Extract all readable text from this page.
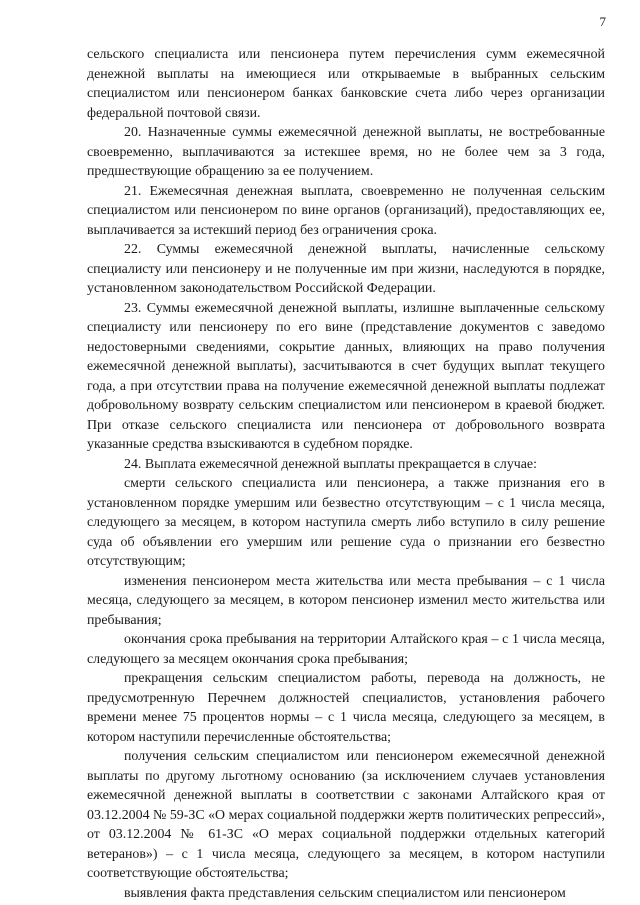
7

сельского специалиста или пенсионера путем перечисления сумм ежемесячной денежной выплаты на имеющиеся или открываемые в выбранных сельским специалистом или пенсионером банках банковские счета либо через организации федеральной почтовой связи.

20. Назначенные суммы ежемесячной денежной выплаты, не востребованные своевременно, выплачиваются за истекшее время, но не более чем за 3 года, предшествующие обращению за ее получением.

21. Ежемесячная денежная выплата, своевременно не полученная сельским специалистом или пенсионером по вине органов (организаций), предоставляющих ее, выплачивается за истекший период без ограничения срока.

22. Суммы ежемесячной денежной выплаты, начисленные сельскому специалисту или пенсионеру и не полученные им при жизни, наследуются в порядке, установленном законодательством Российской Федерации.

23. Суммы ежемесячной денежной выплаты, излишне выплаченные сельскому специалисту или пенсионеру по его вине (представление документов с заведомо недостоверными сведениями, сокрытие данных, влияющих на право получения ежемесячной денежной выплаты), засчитываются в счет будущих выплат текущего года, а при отсутствии права на получение ежемесячной денежной выплаты подлежат добровольному возврату сельским специалистом или пенсионером в краевой бюджет. При отказе сельского специалиста или пенсионера от добровольного возврата указанные средства взыскиваются в судебном порядке.

24. Выплата ежемесячной денежной выплаты прекращается в случае:

смерти сельского специалиста или пенсионера, а также признания его в установленном порядке умершим или безвестно отсутствующим – с 1 числа месяца, следующего за месяцем, в котором наступила смерть либо вступило в силу решение суда об объявлении его умершим или решение суда о признании его безвестно отсутствующим;

изменения пенсионером места жительства или места пребывания – с 1 числа месяца, следующего за месяцем, в котором пенсионер изменил место жительства или пребывания;

окончания срока пребывания на территории Алтайского края – с 1 числа месяца, следующего за месяцем окончания срока пребывания;

прекращения сельским специалистом работы, перевода на должность, не предусмотренную Перечнем должностей специалистов, установления рабочего времени менее 75 процентов нормы – с 1 числа месяца, следующего за месяцем, в котором наступили перечисленные обстоятельства;

получения сельским специалистом или пенсионером ежемесячной денежной выплаты по другому льготному основанию (за исключением случаев установления ежемесячной денежной выплаты в соответствии с законами Алтайского края от 03.12.2004 № 59-ЗС «О мерах социальной поддержки жертв политических репрессий», от 03.12.2004 № 61-ЗС «О мерах социальной поддержки отдельных категорий ветеранов») – с 1 числа месяца, следующего за месяцем, в котором наступили соответствующие обстоятельства;

выявления факта представления сельским специалистом или пенсионером
